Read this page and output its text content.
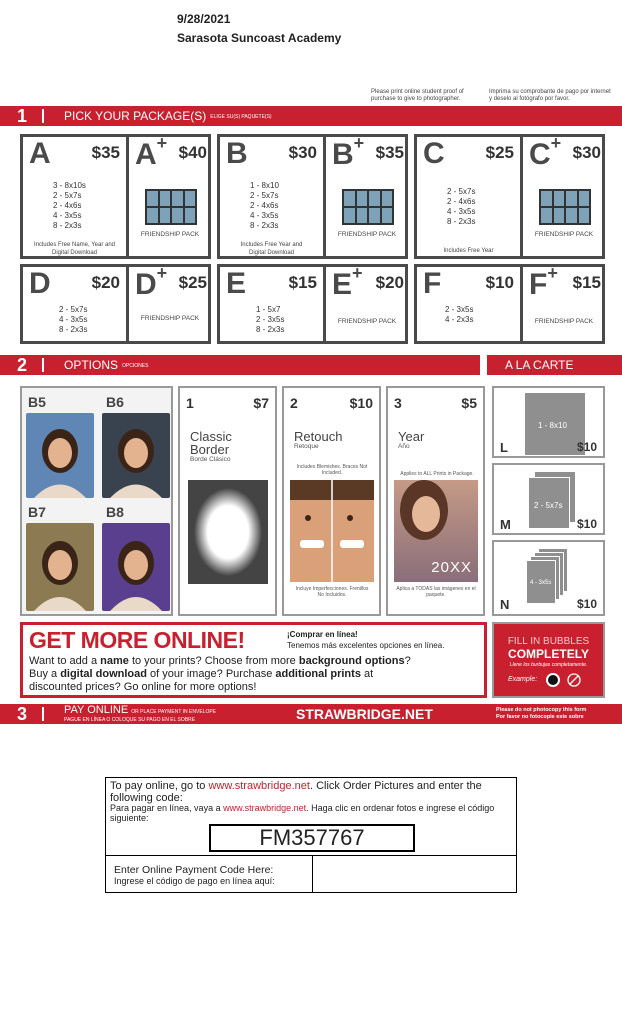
9/28/2021
Sarasota Suncoast Academy
Please print online student proof of purchase to give to photographer.
Imprima su comprobante de pago por internet y deselo al fotógrafo por favor.
1	PICK YOUR PACKAGE(S) ELIGE SU(S) PAQUETE(S)
A $35
3 - 8x10s
2 - 5x7s
2 - 4x6s
4 - 3x5s
8 - 2x3s
Includes Free Name, Year and Digital Download
A+ $40
FRIENDSHIP PACK
B $30
1 - 8x10
2 - 5x7s
2 - 4x6s
4 - 3x5s
8 - 2x3s
Includes Free Year and Digital Download
B+ $35
FRIENDSHIP PACK
C $25
2 - 5x7s
2 - 4x6s
4 - 3x5s
8 - 2x3s
Includes Free Year
C+ $30
FRIENDSHIP PACK
D $20
2 - 5x7s
4 - 3x5s
8 - 2x3s
D+ $25
FRIENDSHIP PACK
E	$15
1 - 5x7
2 - 3x5s
8 - 2x3s
E+ $20
FRIENDSHIP PACK
F	$10
2 - 3x5s
4 - 2x3s
F+ $15
FRIENDSHIP PACK
2	OPTIONS OPCIONES	A LA CARTE
B5	B6
B7	B8
1	$7
Classic Border
Borde Clásico
2	$10
Retouch
Retoque
Includes Blemishes. Braces Not Included.
Incluye Imperfecciones. Frenillos No Incluidos.
3	$5
Year
Año
Applies to ALL Prints in Package.
20XX
Aplica a TODAS las imágenes en el paquete.
1 - 8x10
L	$10
2 - 5x7s
M	$10
4 - 3x5s
N	$10
GET MORE ONLINE!	¡Comprar en línea!
Tenemos más excelentes opciones en línea.
Want to add a name to your prints? Choose from more background options?
Buy a digital download of your image? Purchase additional prints at
discounted prices? Go online for more options!
FILL IN BUBBLES
COMPLETELY
Llene los burbujas completamente.
Example:
3	PAY ONLINE OR PLACE PAYMENT IN ENVELOPE
PAGUE EN LÍNEA O COLOQUE SU PAGO EN EL SOBRE	STRAWBRIDGE.NET	Please do not photocopy this form
Por favor no fotocopie este sobre
To pay online, go to www.strawbridge.net. Click Order Pictures and enter the following code:
Para pagar en línea, vaya a www.strawbridge.net. Haga clic en ordenar fotos e ingrese el código siguiente:
FM357767
Enter Online Payment Code Here:
Ingrese el código de pago en línea aquí:
